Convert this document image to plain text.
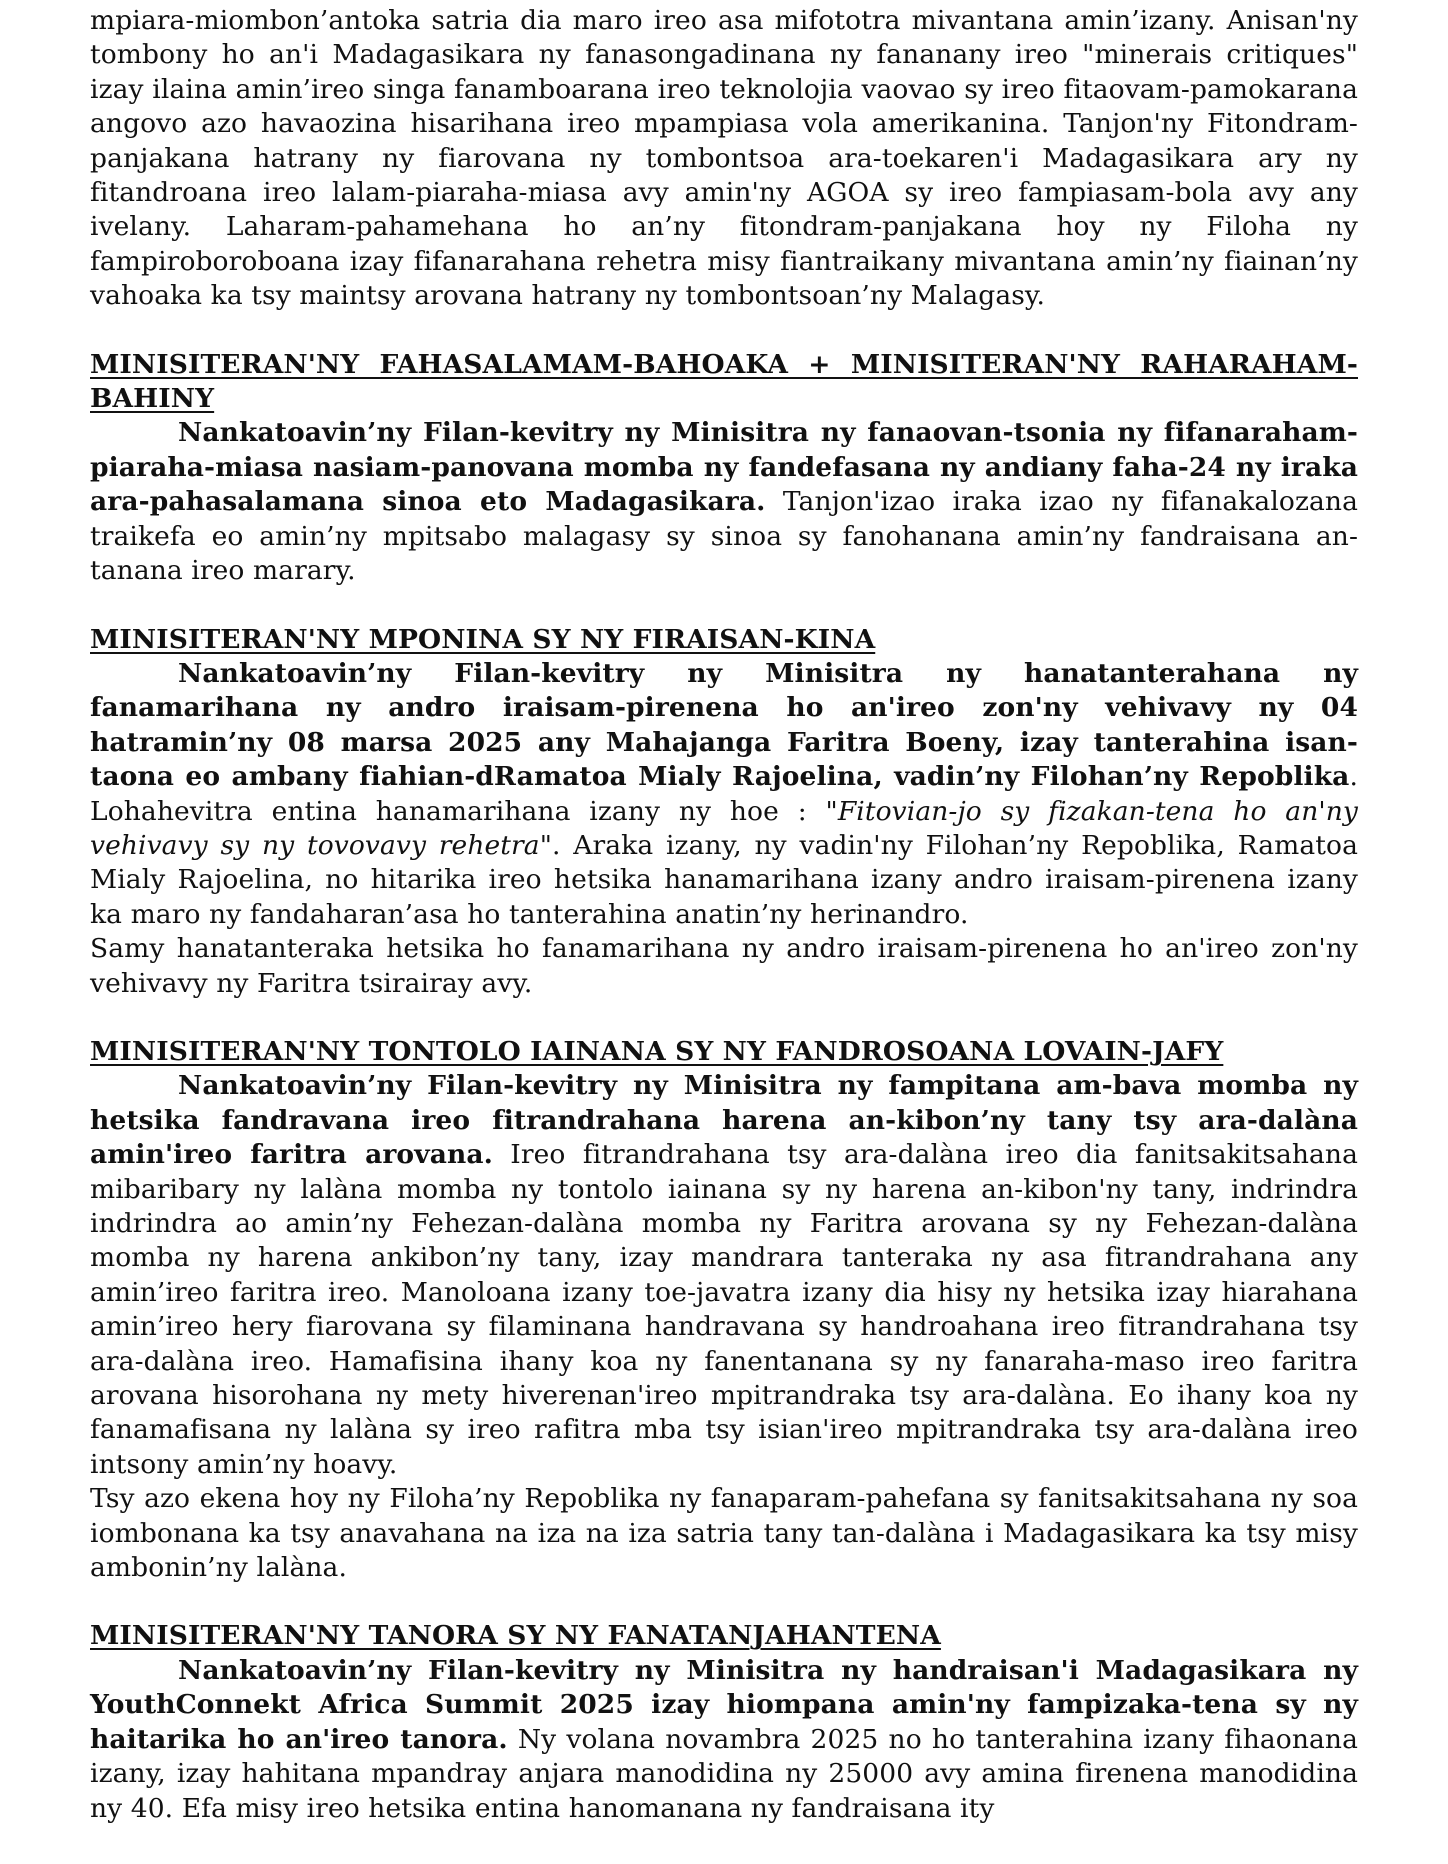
mpiara-miombon’antoka satria dia maro ireo asa mifototra mivantana amin’izany. Anisan'ny tombony ho an'i Madagasikara ny fanasongadinana ny fananany ireo "minerais critiques" izay ilaina amin’ireo singa fanamboarana ireo teknolojia vaovao sy ireo fitaovam-pamokarana angovo azo havaozina hisarihana ireo mpampiasa vola amerikanina. Tanjon'ny Fitondram-panjakana hatrany ny fiarovana ny tombontsoa ara-toekaren'i Madagasikara ary ny fitandroana ireo lalam-piaraha-miasa avy amin'ny AGOA sy ireo fampiasam-bola avy any ivelany. Laharam-pahamehana ho an’ny fitondram-panjakana hoy ny Filoha ny fampiroboroboana izay fifanarahana rehetra misy fiantraikany mivantana amin’ny fiainan’ny vahoaka ka tsy maintsy arovana hatrany ny tombontsoan’ny Malagasy.

MINISITERAN'NY FAHASALAMAM-BAHOAKA + MINISITERAN'NY RAHARAHAM-BAHINY

Nankatoavin’ny Filan-kevitry ny Minisitra ny fanaovan-tsonia ny fifanaraham-piaraha-miasa nasiam-panovana momba ny fandefasana ny andiany faha-24 ny iraka ara-pahasalamana sinoa eto Madagasikara. Tanjon'izao iraka izao ny fifanakalozana traikefa eo amin’ny mpitsabo malagasy sy sinoa sy fanohanana amin’ny fandraisana an-tanana ireo marary.

MINISITERAN'NY MPONINA SY NY FIRAISAN-KINA

Nankatoavin’ny Filan-kevitry ny Minisitra ny hanatanterahana ny fanamarihana ny andro iraisam-pirenena ho an'ireo zon'ny vehivavy ny 04 hatramin’ny 08 marsa 2025 any Mahajanga Faritra Boeny, izay tanterahina isan-taona eo ambany fiahian-dRamatoa Mialy Rajoelina, vadin’ny Filohan’ny Repoblika. Lohahevitra entina hanamarihana izany ny hoe : "Fitovian-jo sy fizakan-tena ho an'ny vehivavy sy ny tovovavy rehetra". Araka izany, ny vadin'ny Filohan’ny Repoblika, Ramatoa Mialy Rajoelina, no hitarika ireo hetsika hanamarihana izany andro iraisam-pirenena izany ka maro ny fandaharan’asa ho tanterahina anatin’ny herinandro.

Samy hanatanteraka hetsika ho fanamarihana ny andro iraisam-pirenena ho an'ireo zon'ny vehivavy ny Faritra tsirairay avy.

MINISITERAN'NY TONTOLO IAINANA SY NY FANDROSOANA LOVAIN-JAFY

Nankatoavin’ny Filan-kevitry ny Minisitra ny fampitana am-bava momba ny hetsika fandravana ireo fitrandrahana harena an-kibon’ny tany tsy ara-dalàna amin'ireo faritra arovana. Ireo fitrandrahana tsy ara-dalàna ireo dia fanitsakitsahana mibaribary ny lalàna momba ny tontolo iainana sy ny harena an-kibon'ny tany, indrindra indrindra ao amin’ny Fehezan-dalàna momba ny Faritra arovana sy ny Fehezan-dalàna momba ny harena ankibon’ny tany, izay mandrara tanteraka ny asa fitrandrahana any amin’ireo faritra ireo. Manoloana izany toe-javatra izany dia hisy ny hetsika izay hiarahana amin’ireo hery fiarovana sy filaminana handravana sy handroahana ireo fitrandrahana tsy ara-dalàna ireo. Hamafisina ihany koa ny fanentanana sy ny fanaraha-maso ireo faritra arovana hisorohana ny mety hiverenan'ireo mpitrandraka tsy ara-dalàna. Eo ihany koa ny fanamafisana ny lalàna sy ireo rafitra mba tsy isian'ireo mpitrandraka tsy ara-dalàna ireo intsony amin’ny hoavy.

Tsy azo ekena hoy ny Filoha’ny Repoblika ny fanaparam-pahefana sy fanitsakitsahana ny soa iombonana ka tsy anavahana na iza na iza satria tany tan-dalàna i Madagasikara ka tsy misy ambonin’ny lalàna.

MINISITERAN'NY TANORA SY NY FANATANJAHANTENA

Nankatoavin’ny Filan-kevitry ny Minisitra ny handraisan'i Madagasikara ny YouthConnekt Africa Summit 2025 izay hiompana amin'ny fampizaka-tena sy ny haitarika ho an'ireo tanora. Ny volana novambra 2025 no ho tanterahina izany fihaonana izany, izay hahitana mpandray anjara manodidina ny 25000 avy amina firenena manodidina ny 40. Efa misy ireo hetsika entina hanomanana ny fandraisana ity
